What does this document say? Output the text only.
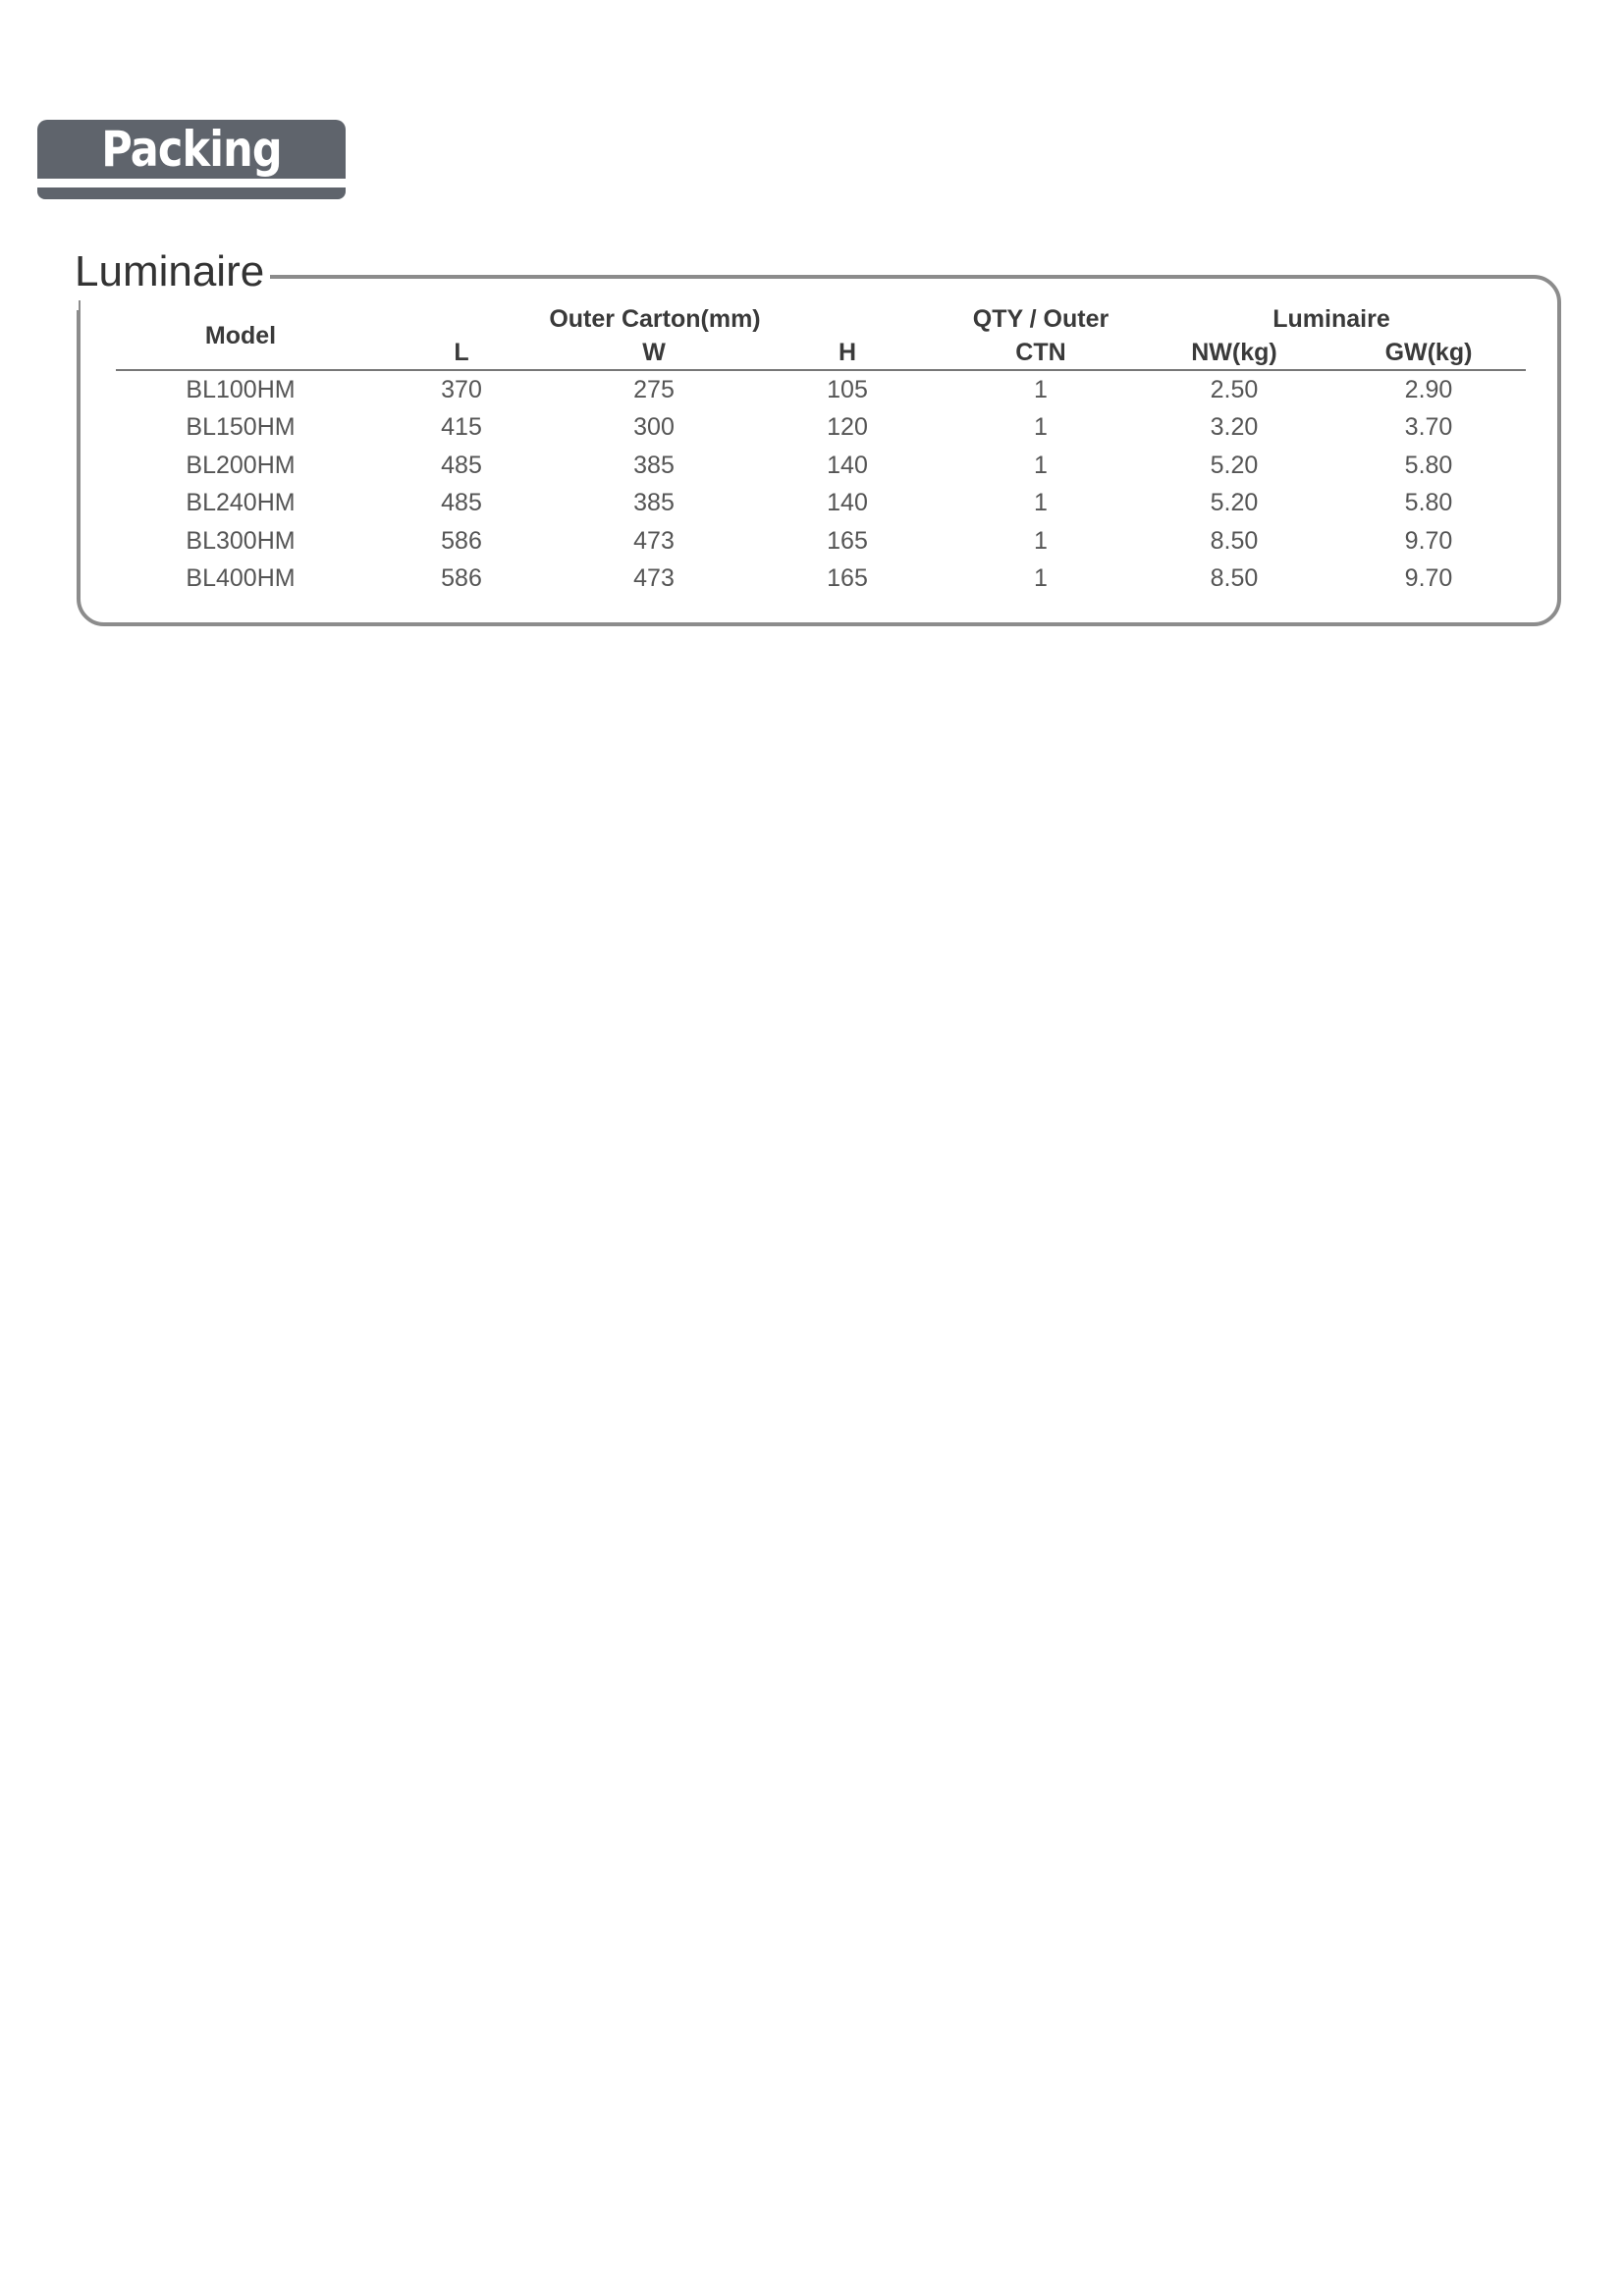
Packing
Luminaire
Model	Outer Carton(mm)			QTY / Outer	Luminaire	
	L	W	H	CTN	NW(kg)	GW(kg)
BL100HM	370	275	105	1	2.50	2.90
BL150HM	415	300	120	1	3.20	3.70
BL200HM	485	385	140	1	5.20	5.80
BL240HM	485	385	140	1	5.20	5.80
BL300HM	586	473	165	1	8.50	9.70
BL400HM	586	473	165	1	8.50	9.70
